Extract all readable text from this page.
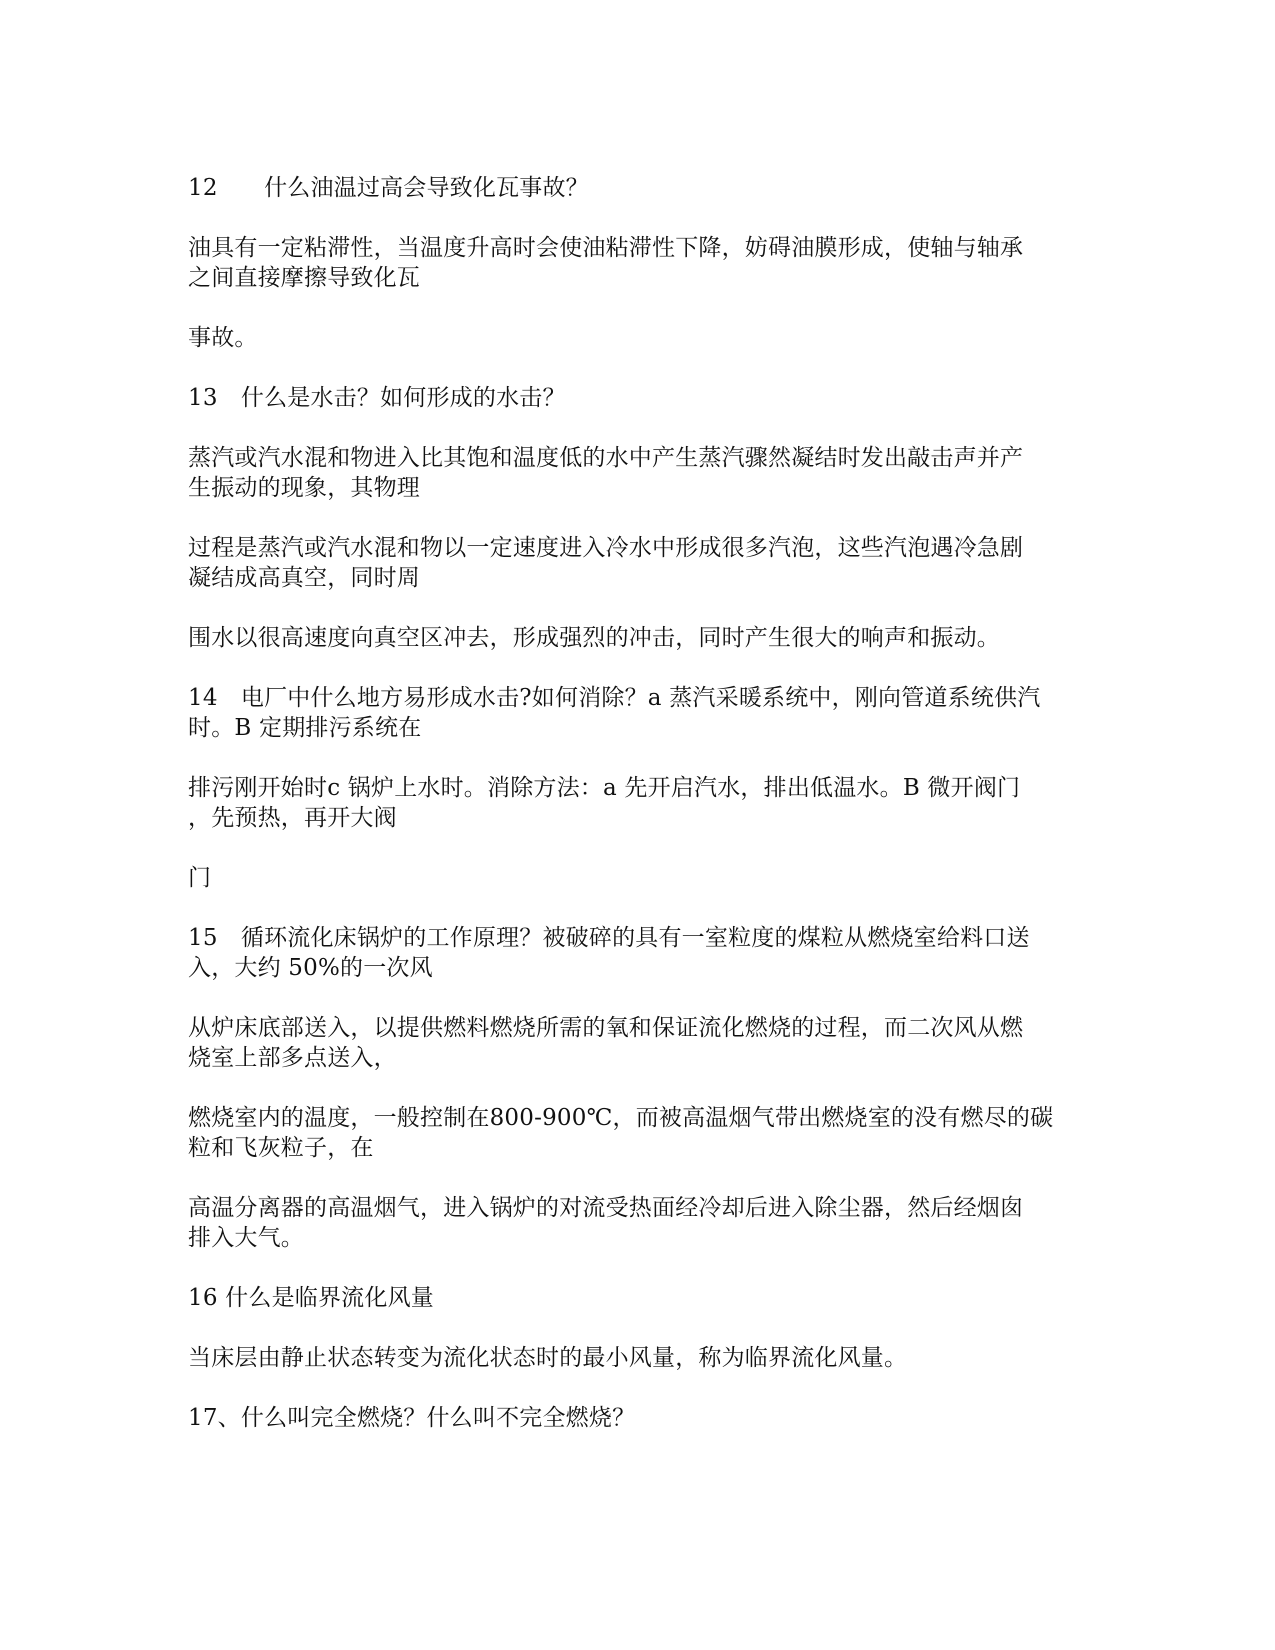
12　　什么油温过高会导致化瓦事故？

油具有一定粘滞性，当温度升高时会使油粘滞性下降，妨碍油膜形成，使轴与轴承

之间直接摩擦导致化瓦

事故。

13　什么是水击？如何形成的水击？

蒸汽或汽水混和物进入比其饱和温度低的水中产生蒸汽骤然凝结时发出敲击声并产

生振动的现象，其物理

过程是蒸汽或汽水混和物以一定速度进入冷水中形成很多汽泡，这些汽泡遇冷急剧

凝结成高真空，同时周

围水以很高速度向真空区冲去，形成强烈的冲击，同时产生很大的响声和振动。

14　电厂中什么地方易形成水击?如何消除？a 蒸汽采暖系统中，刚向管道系统供汽

时。B 定期排污系统在

排污刚开始时c 锅炉上水时。消除方法：a 先开启汽水，排出低温水。B 微开阀门

，先预热，再开大阀

门

15　循环流化床锅炉的工作原理？被破碎的具有一室粒度的煤粒从燃烧室给料口送

入，大约 50%的一次风

从炉床底部送入，以提供燃料燃烧所需的氧和保证流化燃烧的过程，而二次风从燃

烧室上部多点送入，

燃烧室内的温度，一般控制在800-900℃，而被高温烟气带出燃烧室的没有燃尽的碳

粒和飞灰粒子，在

高温分离器的高温烟气，进入锅炉的对流受热面经冷却后进入除尘器，然后经烟囱

排入大气。

16 什么是临界流化风量

当床层由静止状态转变为流化状态时的最小风量，称为临界流化风量。

17、什么叫完全燃烧？什么叫不完全燃烧？
